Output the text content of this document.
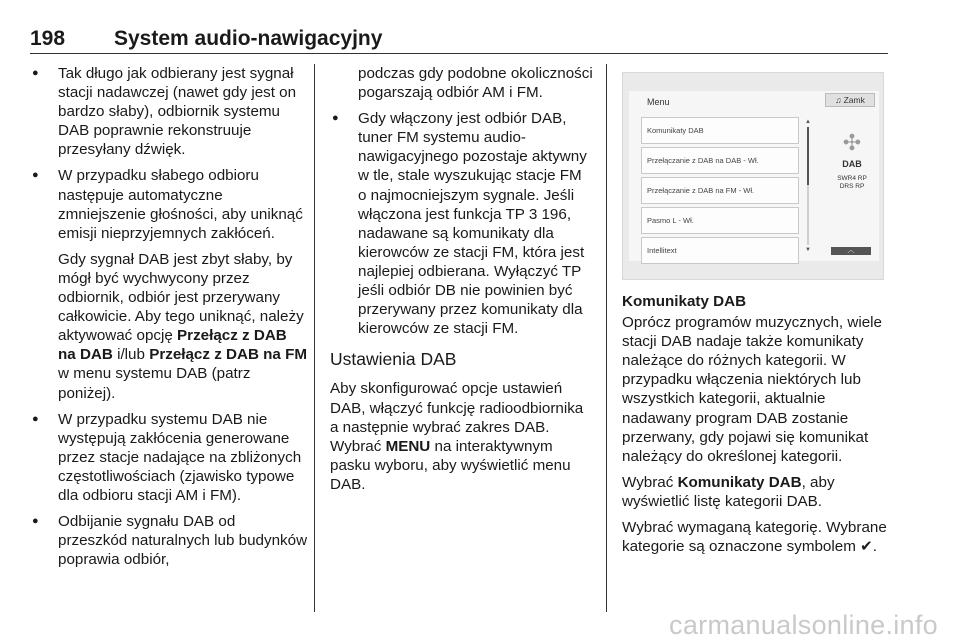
198	System audio-nawigacyjny
● Tak długo jak odbierany jest sygnał stacji nadawczej (nawet gdy jest on bardzo słaby), odbiornik systemu DAB poprawnie rekonstruuje przesyłany dźwięk.
● W przypadku słabego odbioru następuje automatyczne zmniejszenie głośności, aby uniknąć emisji nieprzyjemnych zakłóceń.
Gdy sygnał DAB jest zbyt słaby, by mógł być wychwycony przez odbiornik, odbiór jest przerywany całkowicie. Aby tego uniknąć, należy aktywować opcję Przełącz z DAB na DAB i/lub Przełącz z DAB na FM w menu systemu DAB (patrz poniżej).
● W przypadku systemu DAB nie występują zakłócenia generowane przez stacje nadające na zbliżonych częstotliwościach (zjawisko typowe dla odbioru stacji AM i FM).
● Odbijanie sygnału DAB od przeszkód naturalnych lub budynków poprawia odbiór,
podczas gdy podobne okoliczności pogarszają odbiór AM i FM.
● Gdy włączony jest odbiór DAB, tuner FM systemu audio-nawigacyjnego pozostaje aktywny w tle, stale wyszukując stacje FM o najmocniejszym sygnale. Jeśli włączona jest funkcja TP 3 196, nadawane są komunikaty dla kierowców ze stacji FM, która jest najlepiej odbierana. Wyłączyć TP jeśli odbiór DB nie powinien być przerywany przez komunikaty dla kierowców ze stacji FM.
Ustawienia DAB

Aby skonfigurować opcje ustawień DAB, włączyć funkcję radioodbiornika a następnie wybrać zakres DAB. Wybrać MENU na interaktywnym pasku wyboru, aby wyświetlić menu DAB.

Menu	♫ Zamk
Komunikaty DAB
Przełączanie z DAB na DAB - Wł.
Przełączanie z DAB na FM - Wł.
Pasmo L - Wł.
Intellitext
▲
▼
✣
DAB
SWR4 RP
DRS RP
︿
Komunikaty DAB

Oprócz programów muzycznych, wiele stacji DAB nadaje także komunikaty należące do różnych kategorii. W przypadku włączenia niektórych lub wszystkich kategorii, aktualnie nadawany program DAB zostanie przerwany, gdy pojawi się komunikat należący do określonej kategorii.

Wybrać Komunikaty DAB, aby wyświetlić listę kategorii DAB.

Wybrać wymaganą kategorię. Wybrane kategorie są oznaczone symbolem ✔.

carmanualsonline.info
